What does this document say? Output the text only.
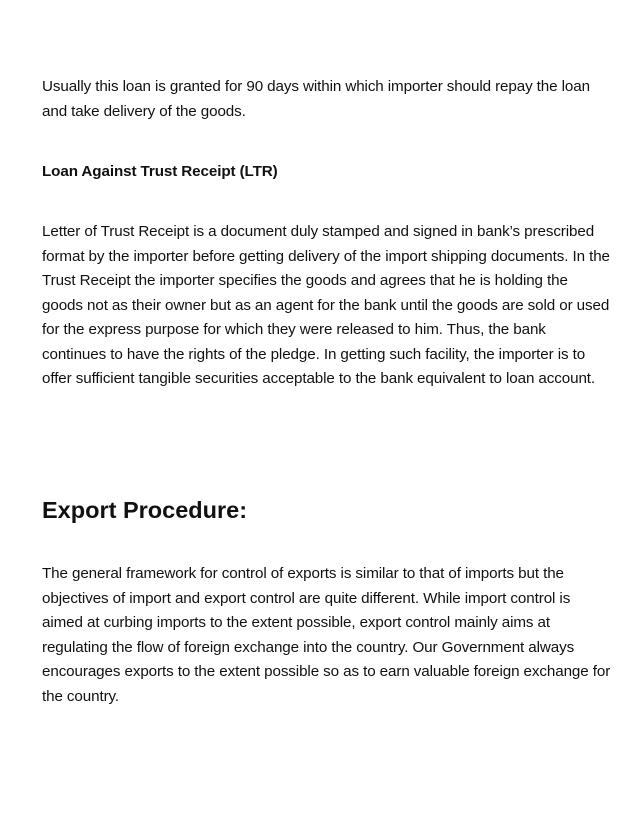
Usually this loan is granted for 90 days within which importer should repay the loan and take delivery of the goods.

Loan Against Trust Receipt (LTR)

Letter of Trust Receipt is a document duly stamped and signed in bank’s prescribed format by the importer before getting delivery of the import shipping documents. In the Trust Receipt the importer specifies the goods and agrees that he is holding the goods not as their owner but as an agent for the bank until the goods are sold or used for the express purpose for which they were released to him. Thus, the bank continues to have the rights of the pledge. In getting such facility, the importer is to offer sufficient tangible securities acceptable to the bank equivalent to loan account.

Export Procedure:

The general framework for control of exports is similar to that of imports but the objectives of import and export control are quite different. While import control is aimed at curbing imports to the extent possible, export control mainly aims at regulating the flow of foreign exchange into the country. Our Government always encourages exports to the extent possible so as to earn valuable foreign exchange for the country.
